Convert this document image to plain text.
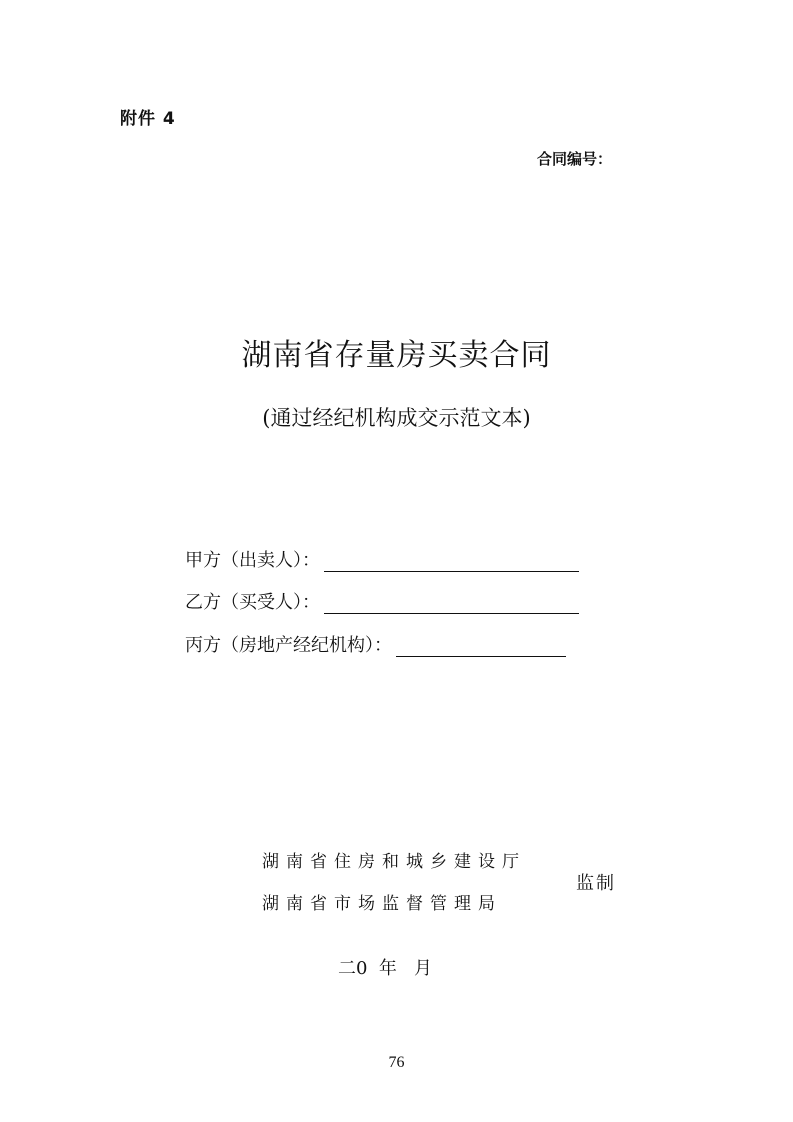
附件 4
合同编号：
湖南省存量房买卖合同
(通过经纪机构成交示范文本)
甲方（出卖人）：
乙方（买受人）：
丙方（房地产经纪机构）：
湖南省住房和城乡建设厅
湖南省市场监督管理局
监制
二0  年   月
76
